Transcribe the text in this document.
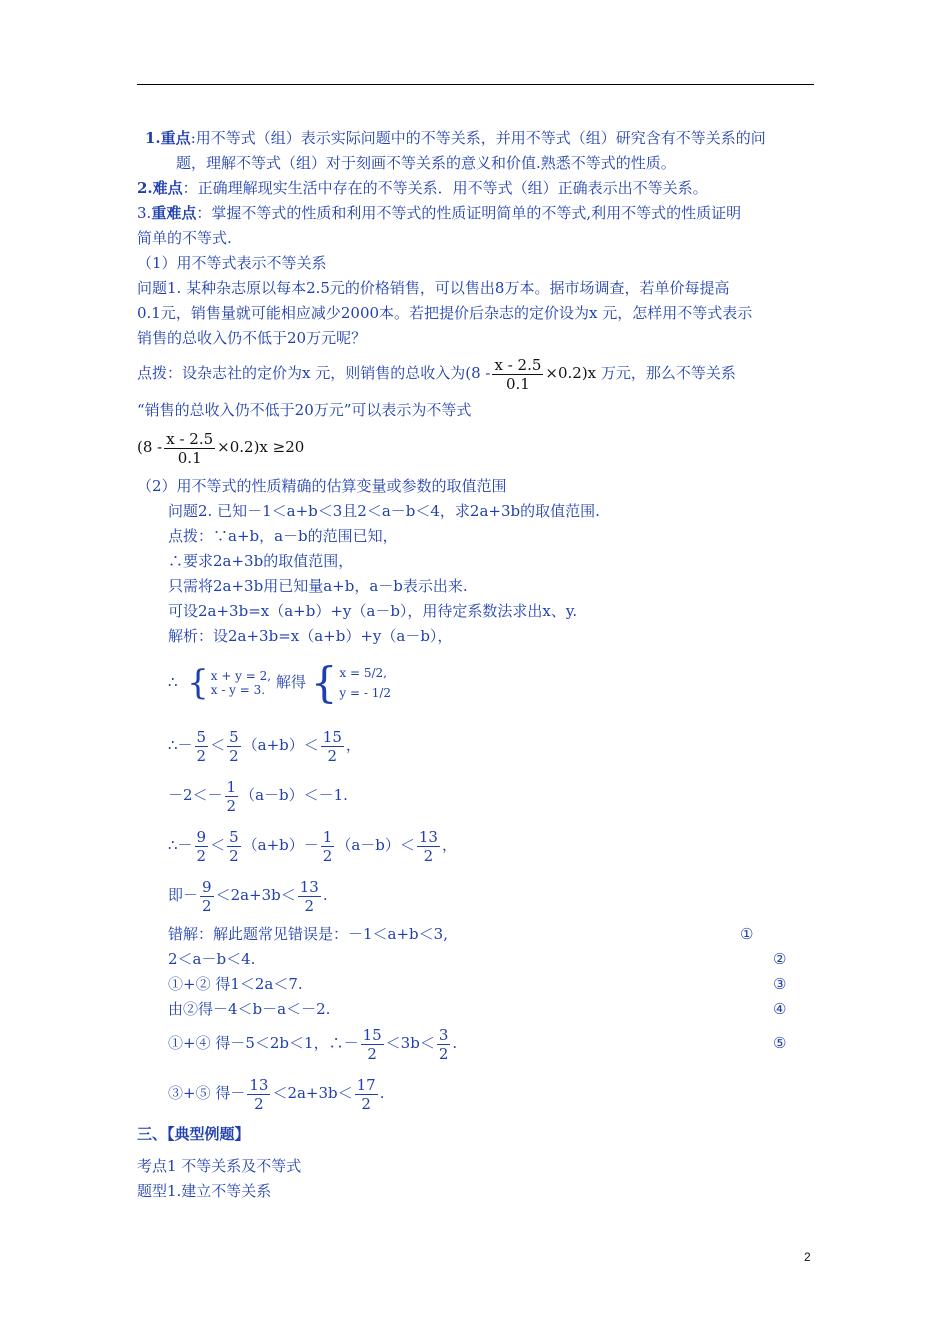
1.重点:用不等式（组）表示实际问题中的不等关系，并用不等式（组）研究含有不等关系的问
题，理解不等式（组）对于刻画不等关系的意义和价值.熟悉不等式的性质。
2.难点：正确理解现实生活中存在的不等关系．用不等式（组）正确表示出不等关系。
3.重难点：掌握不等式的性质和利用不等式的性质证明简单的不等式,利用不等式的性质证明
简单的不等式.
（1）用不等式表示不等关系
问题1. 某种杂志原以每本2.5元的价格销售，可以售出8万本。据市场调查，若单价每提高
0.1元，销售量就可能相应减少2000本。若把提价后杂志的定价设为x 元，怎样用不等式表示
销售的总收入仍不低于20万元呢？
点拨：设杂志社的定价为x 元，则销售的总收入为$(8 - \frac{x - 2.5}{0.1} \times 0.2)x$ 万元，那么不等关系
“销售的总收入仍不低于20万元”可以表示为不等式
$(8 - \frac{x - 2.5}{0.1} \times 0.2)x \ge 20$
（2）用不等式的性质精确的估算变量或参数的取值范围
问题2. 已知－1＜a+b＜3且2＜a－b＜4，求2a+3b的取值范围.
点拨：∵a+b，a－b的范围已知，
∴要求2a+3b的取值范围，
只需将2a+3b用已知量a+b，a－b表示出来.
可设2a+3b=x（a+b）+y（a－b），用待定系数法求出x、y.
解析：设2a+3b=x（a+b）+y（a－b），
∴ { x + y = 2,
x - y = 3. 解得 { x = 5/2,
y = - 1/2
∴－ $\frac{5}{2} < \frac{5}{2} (a+b)< \frac{15}{2}$ ，
$-2<- \frac{1}{2} (a-b)<-1$.
∴－ $\frac{9}{2} < \frac{5}{2} (a+b)- \frac{1}{2} (a-b)< \frac{13}{2}$ ，
即－ $\frac{9}{2} <2a+3b< \frac{13}{2}$ .
错解：解此题常见错误是：－1＜a+b＜3,	①
2＜a－b＜4.	②
①+② 得1＜2a＜7.	③
由②得－4＜b－a＜－2.	④
①+④ 得－5＜2b＜1，∴－ $\frac{15}{2} <3b< \frac{3}{2}$ .	⑤
③+⑤ 得－ $\frac{13}{2} <2a+3b< \frac{17}{2}$ .
三、【典型例题】
考点1 不等关系及不等式
题型1.建立不等关系
2
